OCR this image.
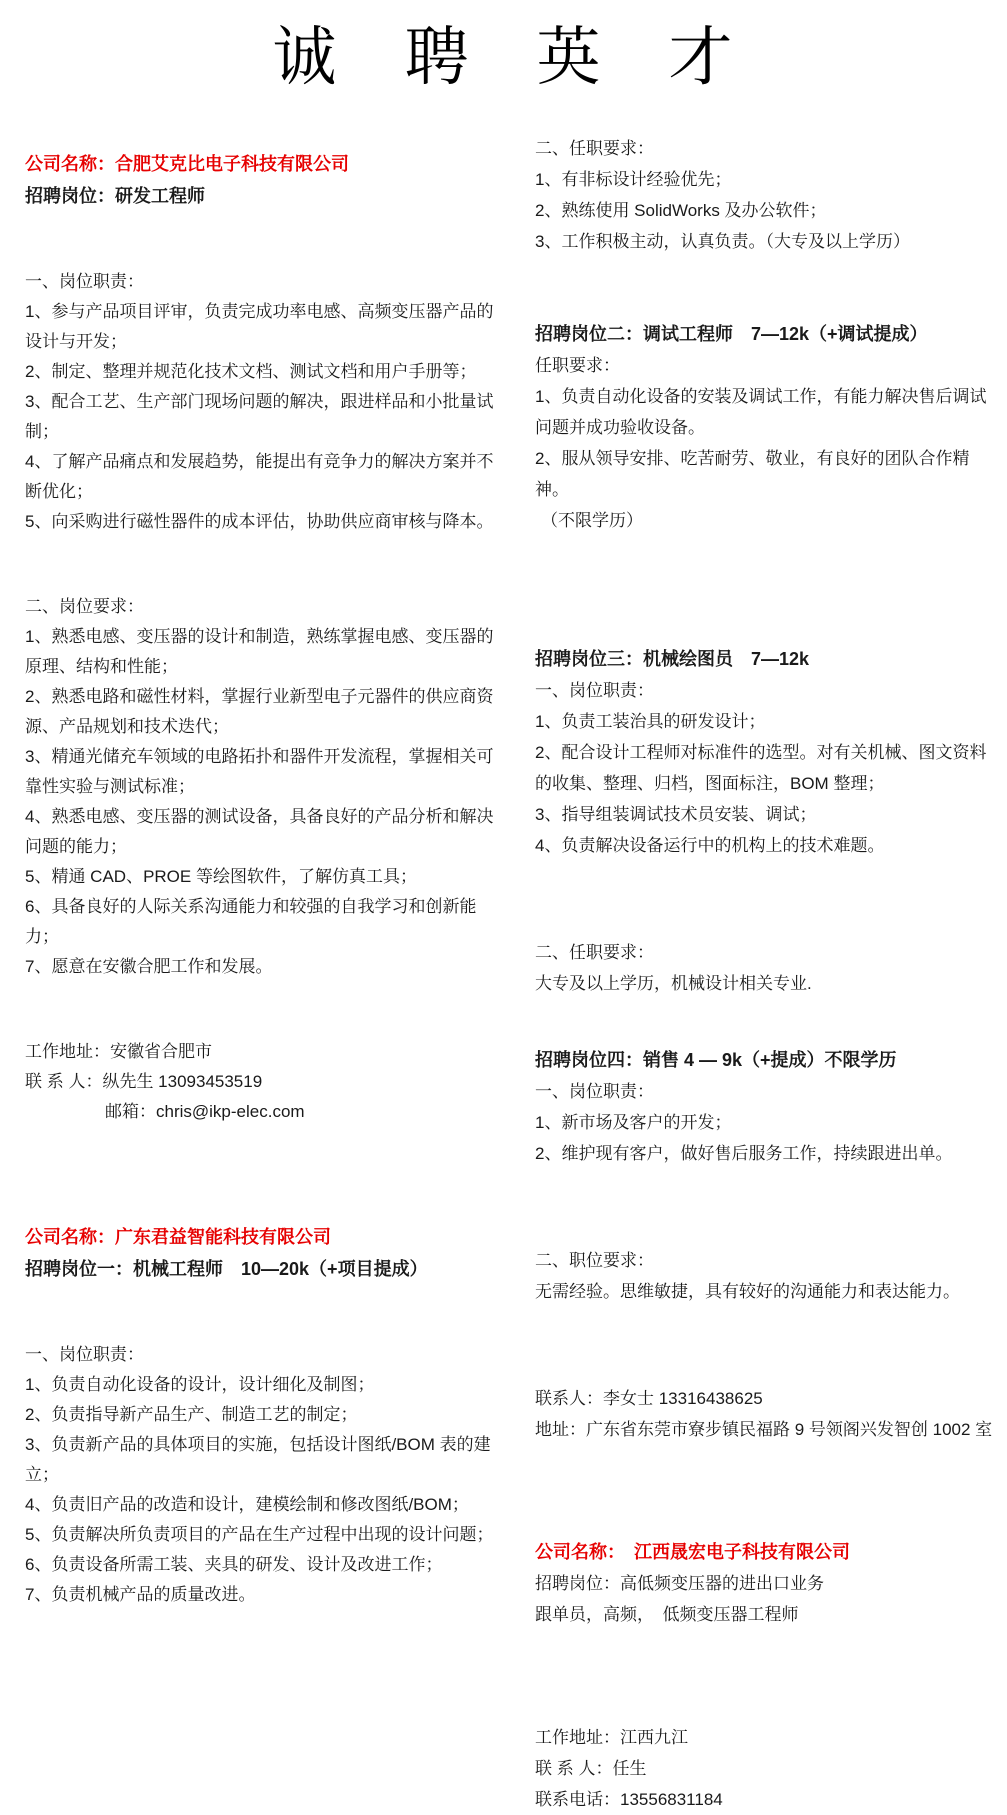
诚　聘　英　才

公司名称：合肥艾克比电子科技有限公司

招聘岗位：研发工程师

一、岗位职责：

1、参与产品项目评审，负责完成功率电感、高频变压器产品的设计与开发；

2、制定、整理并规范化技术文档、测试文档和用户手册等；

3、配合工艺、生产部门现场问题的解决，跟进样品和小批量试制；

4、了解产品痛点和发展趋势，能提出有竞争力的解决方案并不断优化；

5、向采购进行磁性器件的成本评估，协助供应商审核与降本。

二、岗位要求：

1、熟悉电感、变压器的设计和制造，熟练掌握电感、变压器的原理、结构和性能；

2、熟悉电路和磁性材料，掌握行业新型电子元器件的供应商资源、产品规划和技术迭代；

3、精通光储充车领域的电路拓扑和器件开发流程，掌握相关可靠性实验与测试标准；

4、熟悉电感、变压器的测试设备，具备良好的产品分析和解决问题的能力；

5、精通 CAD、PROE 等绘图软件，了解仿真工具；

6、具备良好的人际关系沟通能力和较强的自我学习和创新能力；

7、愿意在安徽合肥工作和发展。

工作地址：安徽省合肥市

联 系 人：纵先生 13093453519

邮箱：chris@ikp-elec.com

公司名称：广东君益智能科技有限公司

招聘岗位一：机械工程师　10—20k（+项目提成）

一、岗位职责：

1、负责自动化设备的设计，设计细化及制图；

2、负责指导新产品生产、制造工艺的制定；

3、负责新产品的具体项目的实施，包括设计图纸/BOM 表的建立；

4、负责旧产品的改造和设计，建模绘制和修改图纸/BOM；

5、负责解决所负责项目的产品在生产过程中出现的设计问题；

6、负责设备所需工装、夹具的研发、设计及改进工作；

7、负责机械产品的质量改进。

二、任职要求：

1、有非标设计经验优先；

2、熟练使用 SolidWorks 及办公软件；

3、工作积极主动，认真负责。（大专及以上学历）

招聘岗位二：调试工程师　7—12k（+调试提成）

任职要求：

1、负责自动化设备的安装及调试工作，有能力解决售后调试问题并成功验收设备。

2、服从领导安排、吃苦耐劳、敬业，有良好的团队合作精神。

（不限学历）

招聘岗位三：机械绘图员　7—12k

一、岗位职责：

1、负责工装治具的研发设计；

2、配合设计工程师对标准件的选型。对有关机械、图文资料的收集、整理、归档，图面标注，BOM 整理；

3、指导组装调试技术员安装、调试；

4、负责解决设备运行中的机构上的技术难题。

二、任职要求：

大专及以上学历，机械设计相关专业.

招聘岗位四：销售 4 — 9k（+提成）不限学历

一、岗位职责：

1、新市场及客户的开发；

2、维护现有客户，做好售后服务工作，持续跟进出单。

二、职位要求：

无需经验。思维敏捷，具有较好的沟通能力和表达能力。

联系人：李女士 13316438625

地址：广东省东莞市寮步镇民福路 9 号领阁兴发智创 1002 室

公司名称：　江西晟宏电子科技有限公司

招聘岗位：高低频变压器的进出口业务

跟单员，高频，　低频变压器工程师

工作地址：江西九江

联 系 人：任生

联系电话：13556831184
